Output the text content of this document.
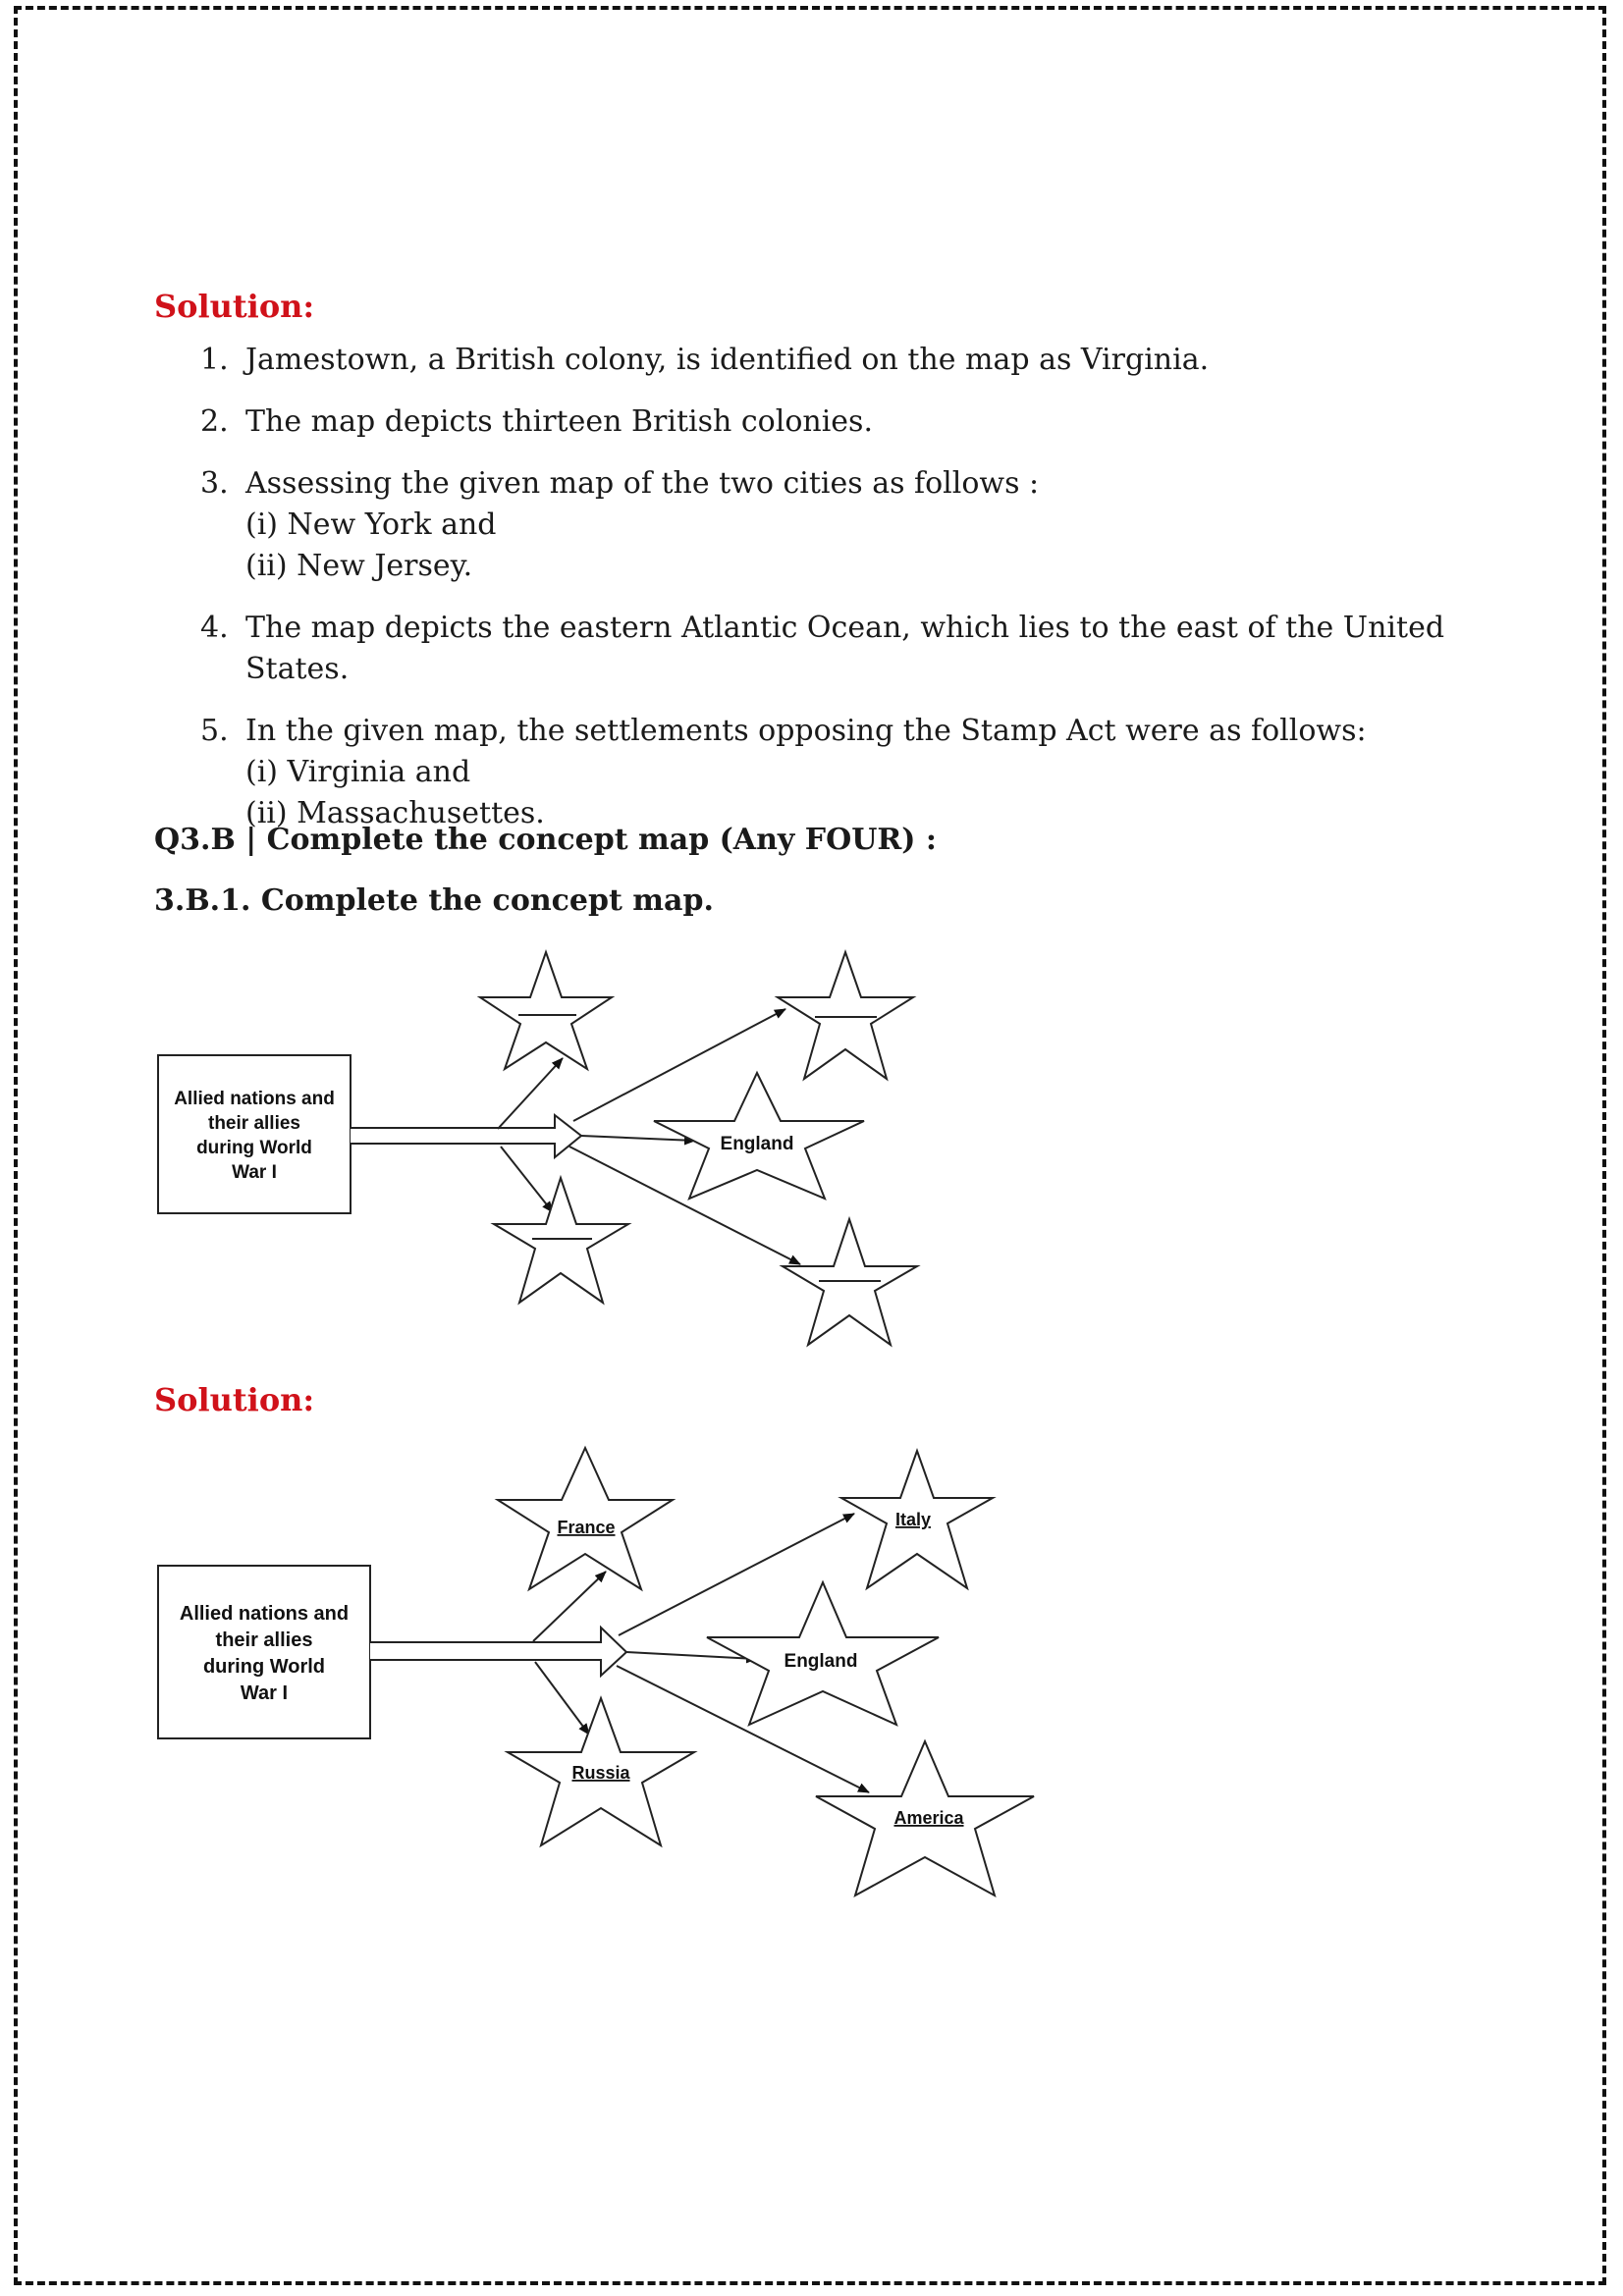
Solution:
1. Jamestown, a British colony, is identified on the map as Virginia.
2. The map depicts thirteen British colonies.
3. Assessing the given map of the two cities as follows :
(i) New York and
(ii) New Jersey.
4. The map depicts the eastern Atlantic Ocean, which lies to the east of the United States.
5. In the given map, the settlements opposing the Stamp Act were as follows:
(i) Virginia and
(ii) Massachusettes.
Q3.B | Complete the concept map (Any FOUR) :
3.B.1. Complete the concept map.
Allied nations and
their allies
during World
War I
England
Solution:
Allied nations and
their allies
during World
War I
France	Italy
Russia
America
England
